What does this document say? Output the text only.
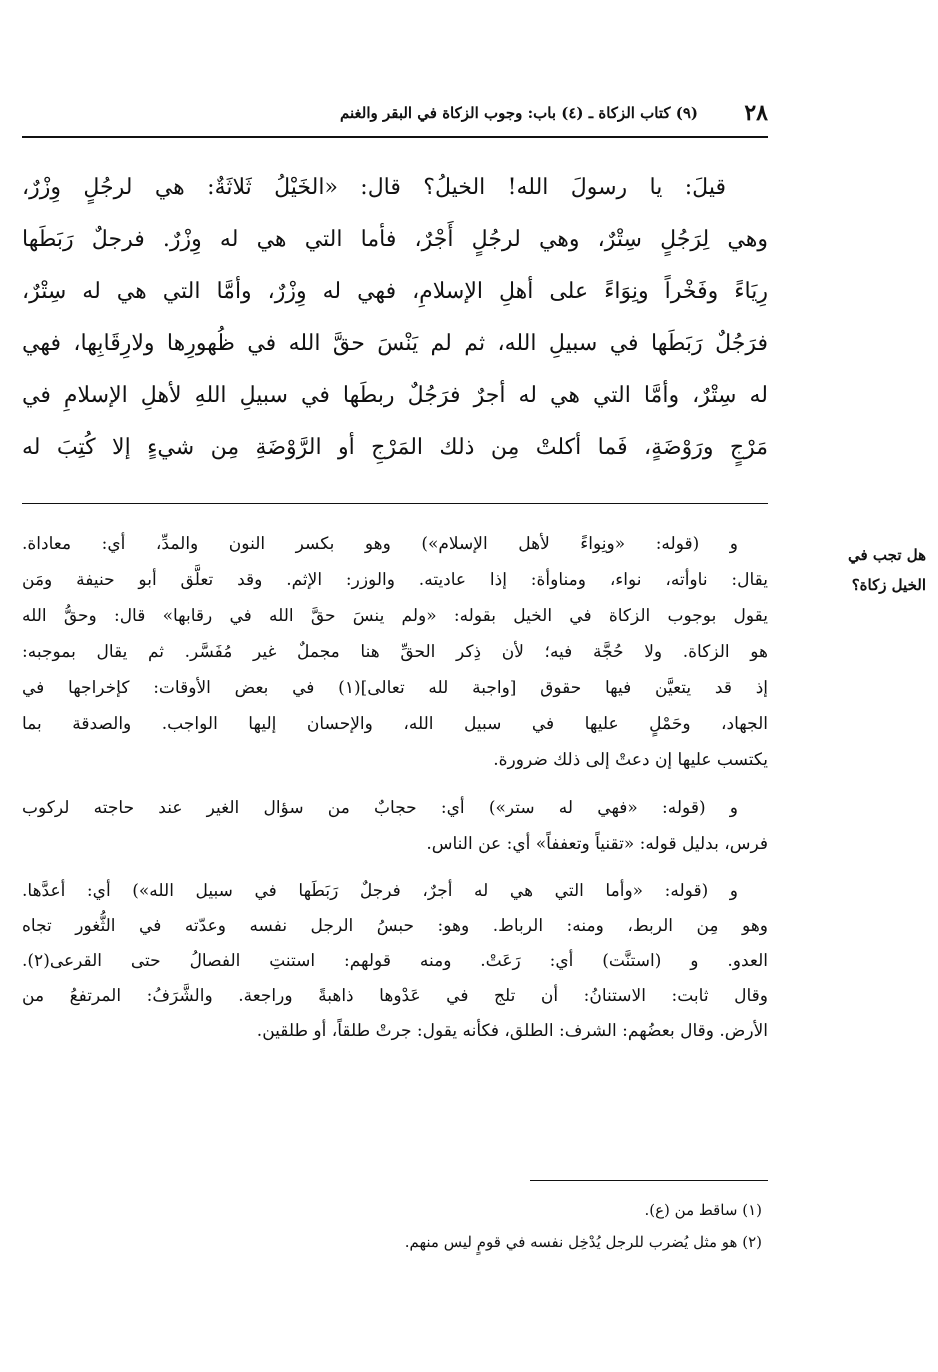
٢٨
(٩) كتاب الزكاة ـ (٤) باب: وجوب الزكاة في البقر والغنم
قيلَ: يا رسولَ الله! الخيلُ؟ قال: «الخَيْلُ ثَلاثَةٌ: هي لرجُلٍ وِزْرٌ،
وهي لِرَجُلٍ سِتْرٌ، وهي لرجُلٍ أَجْرٌ، فأما التي هي له وِزْرٌ. فرجلٌ رَبَطَها
رِيَاءً وفَخْراً ونِوَاءً على أهلِ الإسلامِ، فهي له وِزْرٌ، وأمَّا التي هي له سِتْرٌ،
فرَجُلٌ رَبَطَها في سبيلِ الله، ثم لم يَنْسَ حقَّ الله في ظُهورِها ولارِقَابِها، فهي
له سِتْرٌ، وأمَّا التي هي له أجرٌ فرَجُلٌ ربطَها في سبيلِ اللهِ لأهلِ الإسلامِ في
مَرْجٍ ورَوْضَةٍ، فَما أكلتْ مِن ذلك المَرْجِ أو الرَّوْضَةِ مِن شيءٍ إلا كُتِبَ له
هل تجب في
الخيل زكاة؟
و (قوله: «ونِواءً لأهل الإسلام») وهو بكسر النون والمدِّ، أي: معاداة.
يقال: ناوأته، نواء، ومناوأة: إذا عاديته. والوزر: الإثم. وقد تعلَّق أبو حنيفة ومَن
يقول بوجوب الزكاة في الخيل بقوله: «ولم ينسَ حقَّ الله في رقابها» قال: وحقُّ الله
هو الزكاة. ولا حُجَّة فيه؛ لأن ذِكر الحقِّ هنا مجملٌ غير مُفَسَّر. ثم يقال بموجبه:
إذ قد يتعيَّن فيها حقوق [واجبة لله تعالى](١) في بعض الأوقات: كإخراجها في
الجهاد، وحَمْلٍ عليها في سبيل الله، والإحسان إليها الواجب. والصدقة بما
يكتسب عليها إن دعتْ إلى ذلك ضرورة.
و (قوله: «فهي له ستر») أي: حجابٌ من سؤال الغير عند حاجته لركوب
فرس، بدليل قوله: «تقنياً وتعففاً» أي: عن الناس.
و (قوله: «وأما التي هي له أجرٌ، فرجلٌ رَبَطَها في سبيل الله») أي: أعدَّها.
وهو مِن الربط، ومنه: الرباط. وهو: حبسُ الرجل نفسه وعدّته في الثُّغور تجاه
العدو. و (استنَّت) أي: رَعَتْ. ومنه قولهم: استنتِ الفصالُ حتى القرعى(٢).
وقال ثابت: الاستنانُ: أن تلج في عَدْوها ذاهبةً وراجعة. والشَّرَفُ: المرتفعُ من
الأرض. وقال بعضُهم: الشرف: الطلق، فكأنه يقول: جرتْ طلقاً، أو طلقين.
(١) ساقط من (ع).
(٢) هو مثل يُضرب للرجل يُدْخِل نفسه في قومٍ ليس منهم.
